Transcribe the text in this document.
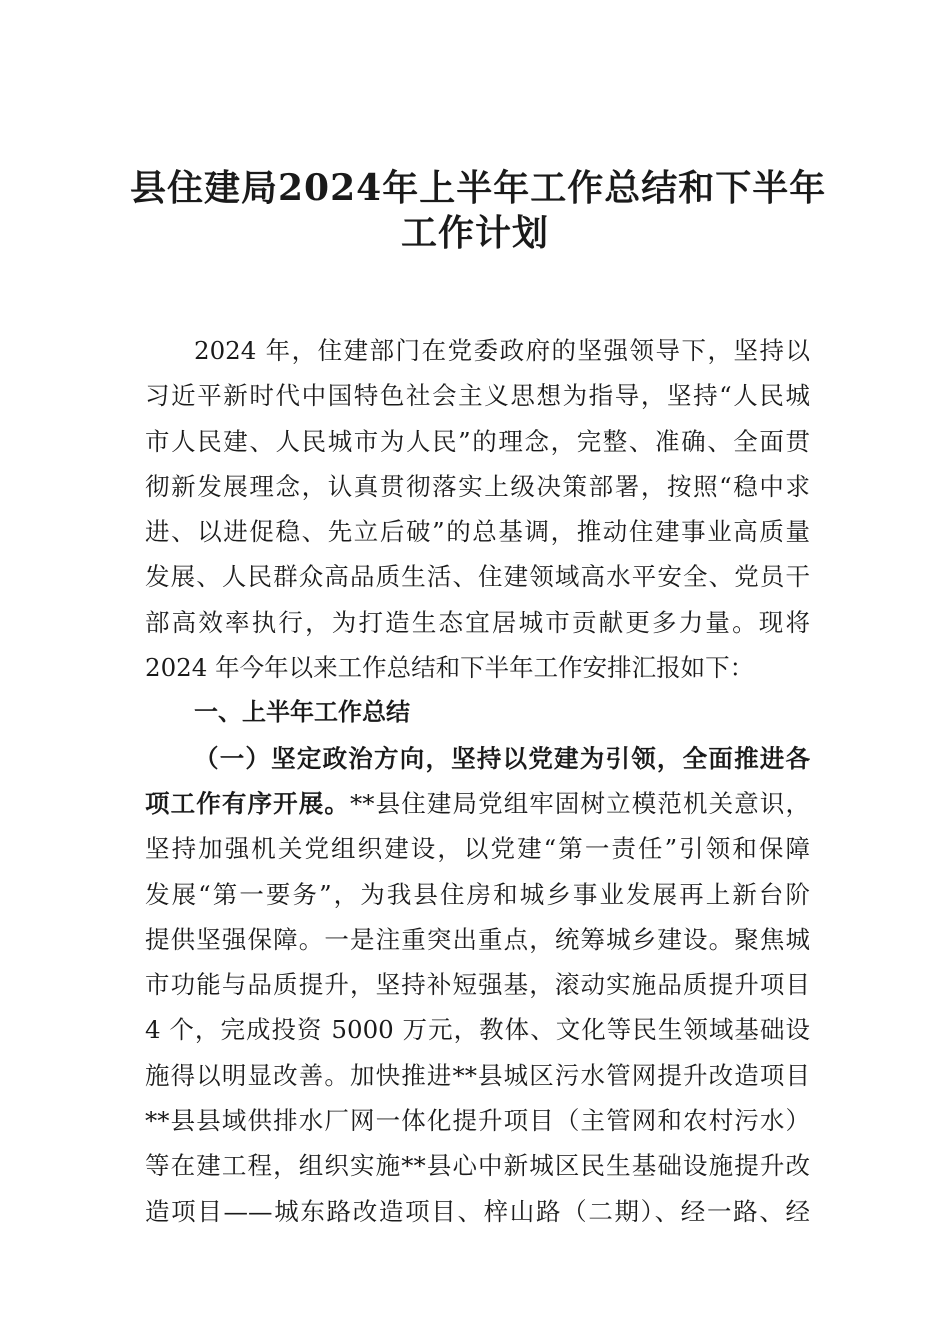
县住建局2024年上半年工作总结和下半年
工作计划
2024 年，住建部门在党委政府的坚强领导下，坚持以
习近平新时代中国特色社会主义思想为指导，坚持“人民城
市人民建、人民城市为人民”的理念，完整、准确、全面贯
彻新发展理念，认真贯彻落实上级决策部署，按照“稳中求
进、以进促稳、先立后破”的总基调，推动住建事业高质量
发展、人民群众高品质生活、住建领域高水平安全、党员干
部高效率执行，为打造生态宜居城市贡献更多力量。现将
2024 年今年以来工作总结和下半年工作安排汇报如下：
一、上半年工作总结
（一）坚定政治方向，坚持以党建为引领，全面推进各
项工作有序开展。**县住建局党组牢固树立模范机关意识，
坚持加强机关党组织建设，以党建“第一责任”引领和保障
发展“第一要务”，为我县住房和城乡事业发展再上新台阶
提供坚强保障。一是注重突出重点，统筹城乡建设。聚焦城
市功能与品质提升，坚持补短强基，滚动实施品质提升项目
4 个，完成投资 5000 万元，教体、文化等民生领域基础设
施得以明显改善。加快推进**县城区污水管网提升改造项目
**县县域供排水厂网一体化提升项目（主管网和农村污水）
等在建工程，组织实施**县心中新城区民生基础设施提升改
造项目——城东路改造项目、梓山路（二期）、经一路、经
